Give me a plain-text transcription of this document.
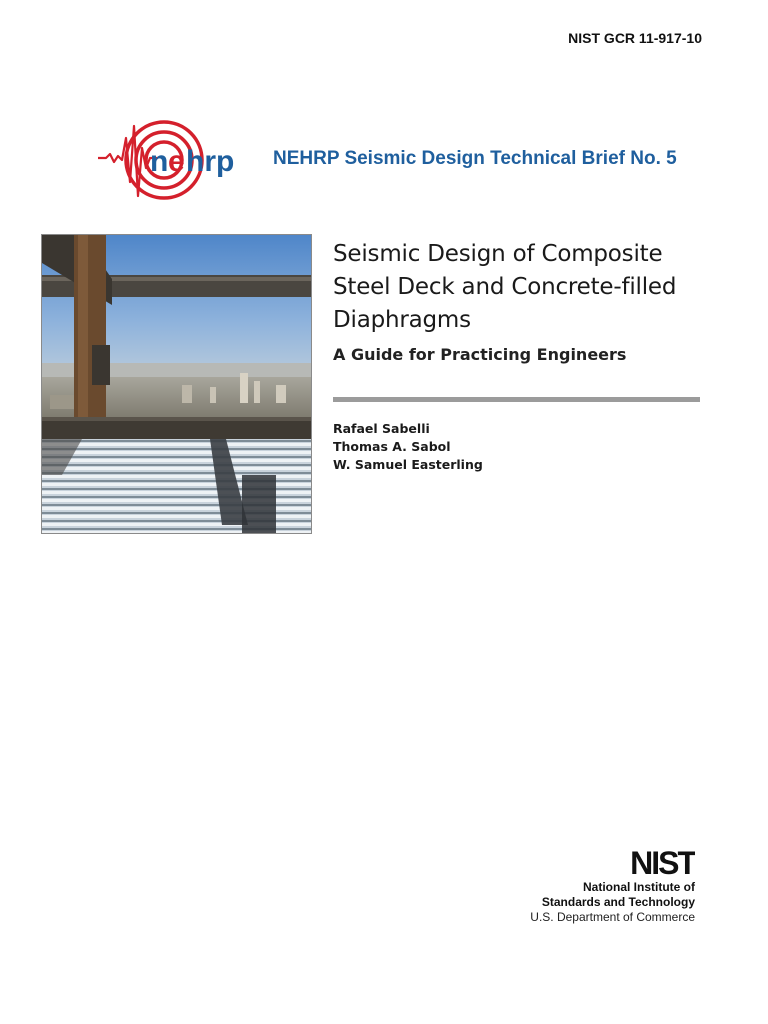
NIST GCR 11-917-10
n e hrp NEHRP Seismic Design Technical Brief No. 5
Seismic Design of Composite
Steel Deck and Concrete-filled
Diaphragms
A Guide for Practicing Engineers
Rafael Sabelli
Thomas A. Sabol
W. Samuel Easterling
NIST
National Institute of
Standards and Technology
U.S. Department of Commerce
